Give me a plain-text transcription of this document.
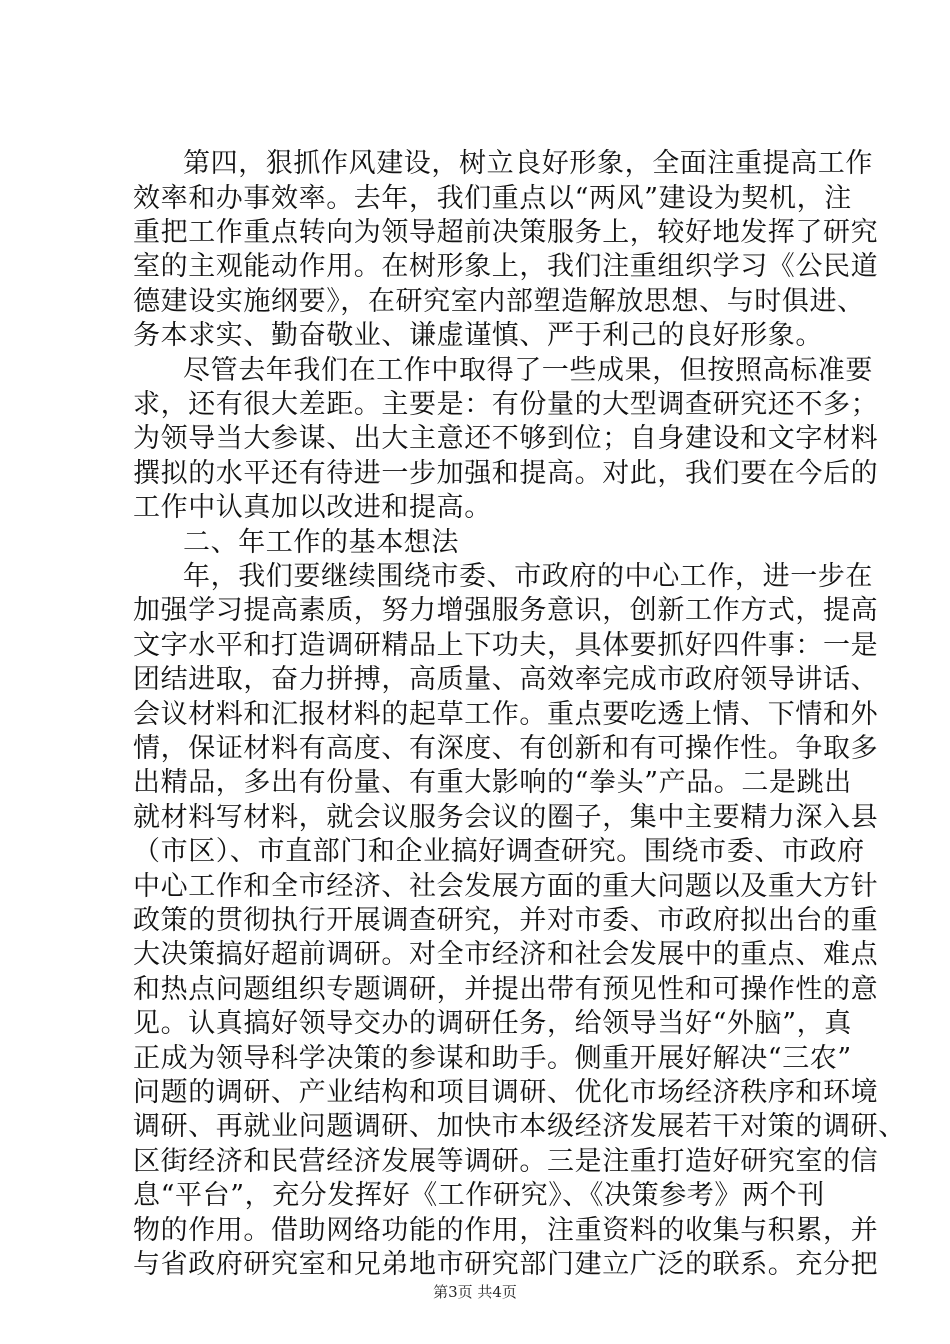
第四，狠抓作风建设，树立良好形象，全面注重提高工作
效率和办事效率。去年，我们重点以“两风”建设为契机，注
重把工作重点转向为领导超前决策服务上，较好地发挥了研究
室的主观能动作用。在树形象上，我们注重组织学习《公民道
德建设实施纲要》，在研究室内部塑造解放思想、与时俱进、
务本求实、勤奋敬业、谦虚谨慎、严于利己的良好形象。
尽管去年我们在工作中取得了一些成果，但按照高标准要
求，还有很大差距。主要是：有份量的大型调查研究还不多；
为领导当大参谋、出大主意还不够到位；自身建设和文字材料
撰拟的水平还有待进一步加强和提高。对此，我们要在今后的
工作中认真加以改进和提高。
二、年工作的基本想法
年，我们要继续围绕市委、市政府的中心工作，进一步在
加强学习提高素质，努力增强服务意识，创新工作方式，提高
文字水平和打造调研精品上下功夫，具体要抓好四件事：一是
团结进取，奋力拼搏，高质量、高效率完成市政府领导讲话、
会议材料和汇报材料的起草工作。重点要吃透上情、下情和外
情，保证材料有高度、有深度、有创新和有可操作性。争取多
出精品，多出有份量、有重大影响的“拳头”产品。二是跳出
就材料写材料，就会议服务会议的圈子，集中主要精力深入县
（市区）、市直部门和企业搞好调查研究。围绕市委、市政府
中心工作和全市经济、社会发展方面的重大问题以及重大方针
政策的贯彻执行开展调查研究，并对市委、市政府拟出台的重
大决策搞好超前调研。对全市经济和社会发展中的重点、难点
和热点问题组织专题调研，并提出带有预见性和可操作性的意
见。认真搞好领导交办的调研任务，给领导当好“外脑”，真
正成为领导科学决策的参谋和助手。侧重开展好解决“三农”
问题的调研、产业结构和项目调研、优化市场经济秩序和环境
调研、再就业问题调研、加快市本级经济发展若干对策的调研、
区街经济和民营经济发展等调研。三是注重打造好研究室的信
息“平台”，充分发挥好《工作研究》、《决策参考》两个刊
物的作用。借助网络功能的作用，注重资料的收集与积累，并
与省政府研究室和兄弟地市研究部门建立广泛的联系。充分把
第3页 共4页
